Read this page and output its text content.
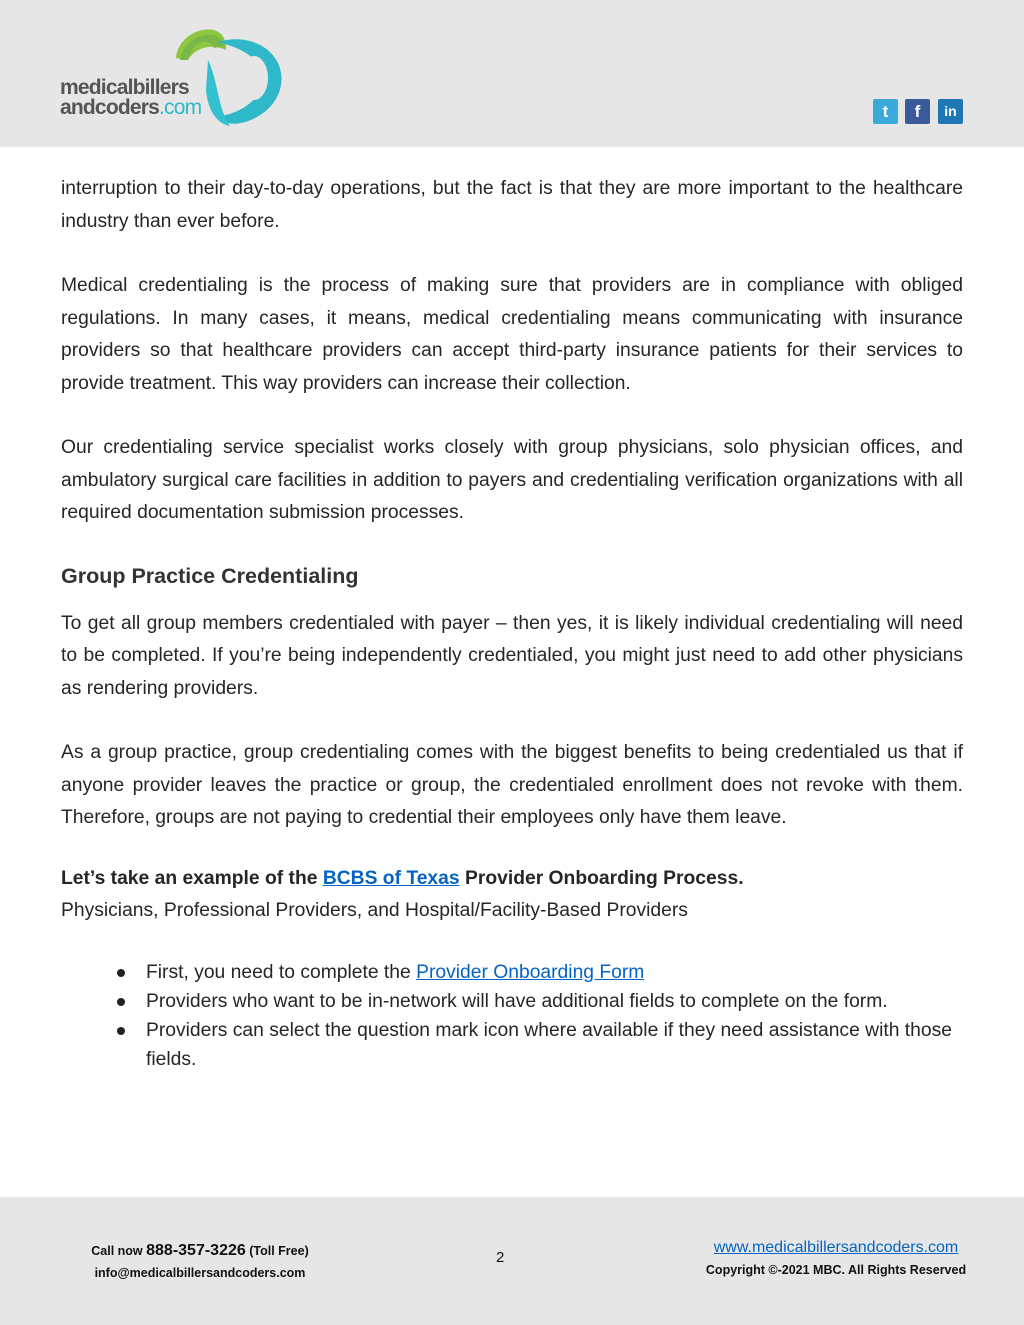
medicalbillers
andcoders.com	t	f	in

interruption to their day-to-day operations, but the fact is that they are more important to the healthcare industry than ever before.

Medical credentialing is the process of making sure that providers are in compliance with obliged regulations. In many cases, it means, medical credentialing means communicating with insurance providers so that healthcare providers can accept third-party insurance patients for their services to provide treatment. This way providers can increase their collection.

Our credentialing service specialist works closely with group physicians, solo physician offices, and ambulatory surgical care facilities in addition to payers and credentialing verification organizations with all required documentation submission processes.

Group Practice Credentialing

To get all group members credentialed with payer – then yes, it is likely individual credentialing will need to be completed. If you’re being independently credentialed, you might just need to add other physicians as rendering providers.

As a group practice, group credentialing comes with the biggest benefits to being credentialed us that if anyone provider leaves the practice or group, the credentialed enrollment does not revoke with them. Therefore, groups are not paying to credential their employees only have them leave.

Let’s take an example of the BCBS of Texas Provider Onboarding Process.

Physicians, Professional Providers, and Hospital/Facility-Based Providers

First, you need to complete the Provider Onboarding Form
Providers who want to be in-network will have additional fields to complete on the form.
Providers can select the question mark icon where available if they need assistance with those fields.
Call now 888-357-3226 (Toll Free)
info@medicalbillersandcoders.com
2
www.medicalbillersandcoders.com
Copyright ©-2021 MBC. All Rights Reserved
